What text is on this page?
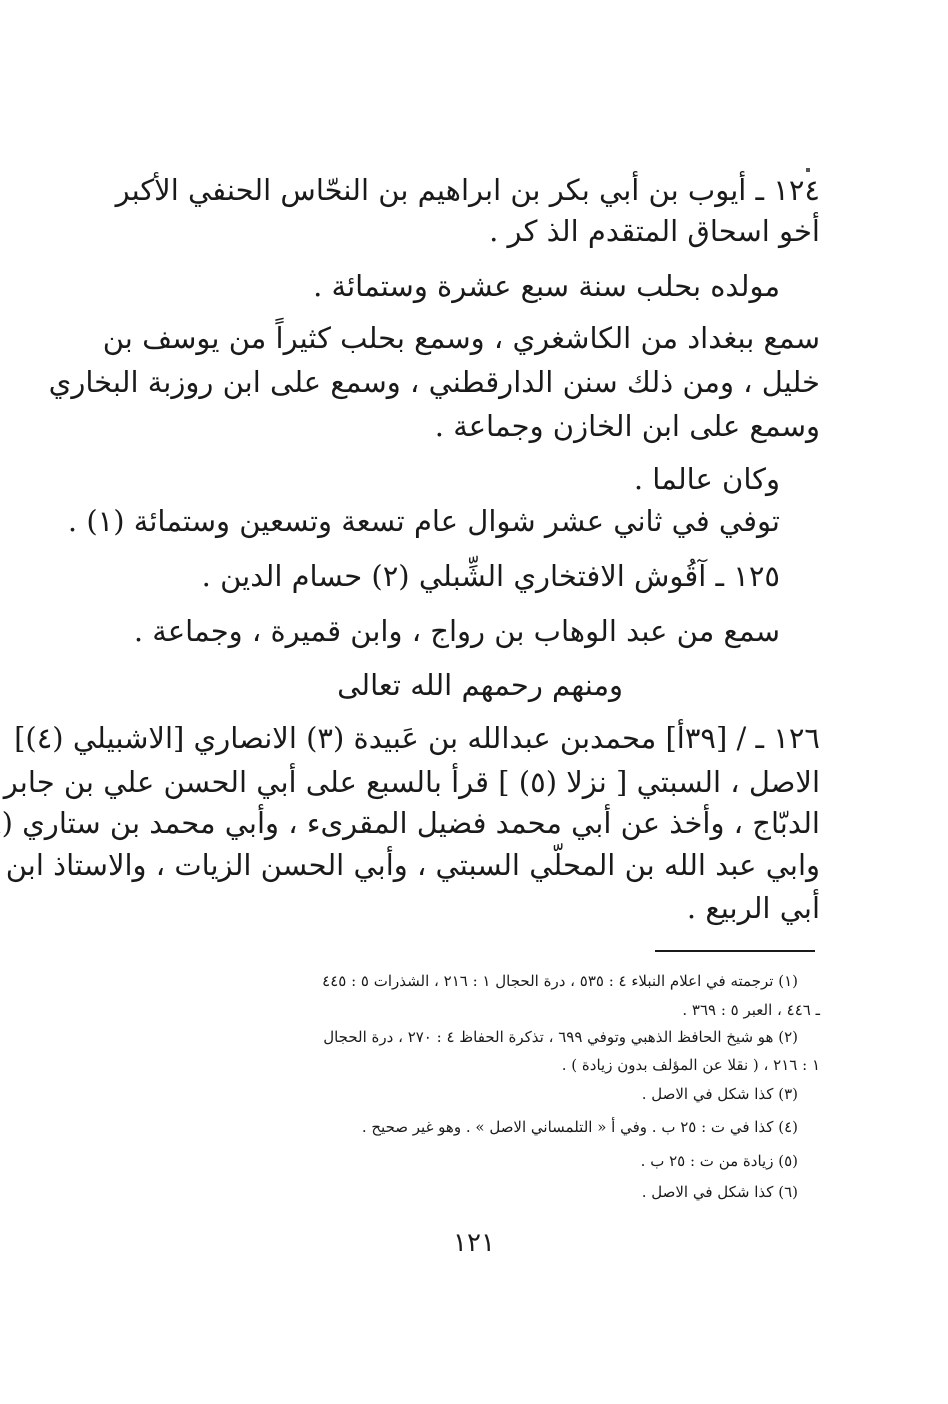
١٢٤ ـ أيوب بن أبي بكر بن ابراهيم بن النحّاس الحنفي الأكبر
أخو اسحاق المتقدم الذ كر .
مولده بحلب سنة سبع عشرة وستمائة .
سمع ببغداد من الكاشغري ، وسمع بحلب كثيراً من يوسف بن
خليل ، ومن ذلك سنن الدارقطني ، وسمع على ابن روزبة البخاري
وسمع على ابن الخازن وجماعة .
وكان عالما .
توفي في ثاني عشر شوال عام تسعة وتسعين وستمائة (١) .
١٢٥ ـ آقُوش الافتخاري الشِّبلي (٢) حسام الدين .
سمع من عبد الوهاب بن رواج ، وابن قميرة ، وجماعة .
ومنهم رحمهم الله تعالى
١٢٦ ـ / [٣٩أ] محمدبن عبدالله بن عَبيدة (٣) الانصاري [الاشبيلي (٤)]
الاصل ، السبتي [ نزلا (٥) ] قرأ بالسبع على أبي الحسن علي بن جابر
الدبّاج ، وأخذ عن أبي محمد فضيل المقرىء ، وأبي محمد بن ستاري (
وابي عبد الله بن المحلّي السبتي ، وأبي الحسن الزيات ، والاستاذ ابن
أبي الربيع .
(١) ترجمته في اعلام النبلاء ٤ : ٥٣٥ ، درة الحجال ١ : ٢١٦ ، الشذرات ٥ : ٤٤٥
ـ ٤٤٦ ، العبر ٥ : ٣٦٩ .
(٢) هو شيخ الحافظ الذهبي وتوفي ٦٩٩ ، تذكرة الحفاظ ٤ : ٢٧٠ ، درة الحجال
١ : ٢١٦ ، ( نقلا عن المؤلف بدون زيادة ) .
(٣) كذا شكل في الاصل .
(٤) كذا في ت : ٢٥ ب . وفي أ « التلمساني الاصل » . وهو غير صحيح .
(٥) زيادة من ت : ٢٥ ب .
(٦) كذا شكل في الاصل .
١٢١
